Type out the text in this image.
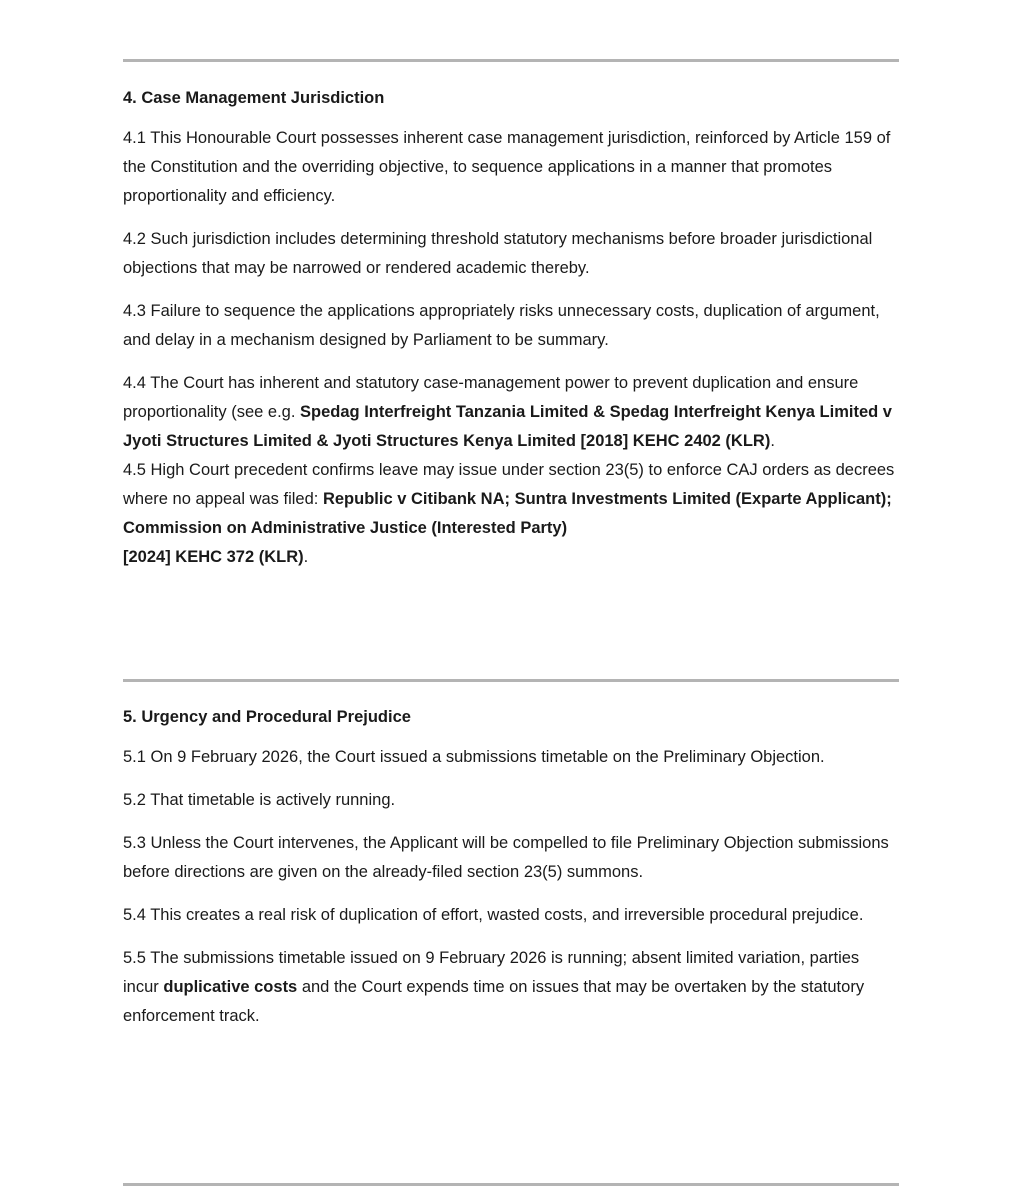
4. Case Management Jurisdiction

4.1 This Honourable Court possesses inherent case management jurisdiction, reinforced by Article 159 of the Constitution and the overriding objective, to sequence applications in a manner that promotes proportionality and efficiency.

4.2 Such jurisdiction includes determining threshold statutory mechanisms before broader jurisdictional objections that may be narrowed or rendered academic thereby.

4.3 Failure to sequence the applications appropriately risks unnecessary costs, duplication of argument, and delay in a mechanism designed by Parliament to be summary.

4.4 The Court has inherent and statutory case-management power to prevent duplication and ensure proportionality (see e.g. Spedag Interfreight Tanzania Limited & Spedag Interfreight Kenya Limited v Jyoti Structures Limited & Jyoti Structures Kenya Limited [2018] KEHC 2402 (KLR).

4.5 High Court precedent confirms leave may issue under section 23(5) to enforce CAJ orders as decrees where no appeal was filed: Republic v Citibank NA; Suntra Investments Limited (Exparte Applicant); Commission on Administrative Justice (Interested Party)
[2024] KEHC 372 (KLR).

5. Urgency and Procedural Prejudice

5.1 On 9 February 2026, the Court issued a submissions timetable on the Preliminary Objection.

5.2 That timetable is actively running.

5.3 Unless the Court intervenes, the Applicant will be compelled to file Preliminary Objection submissions before directions are given on the already-filed section 23(5) summons.

5.4 This creates a real risk of duplication of effort, wasted costs, and irreversible procedural prejudice.

5.5 The submissions timetable issued on 9 February 2026 is running; absent limited variation, parties incur duplicative costs and the Court expends time on issues that may be overtaken by the statutory enforcement track.
